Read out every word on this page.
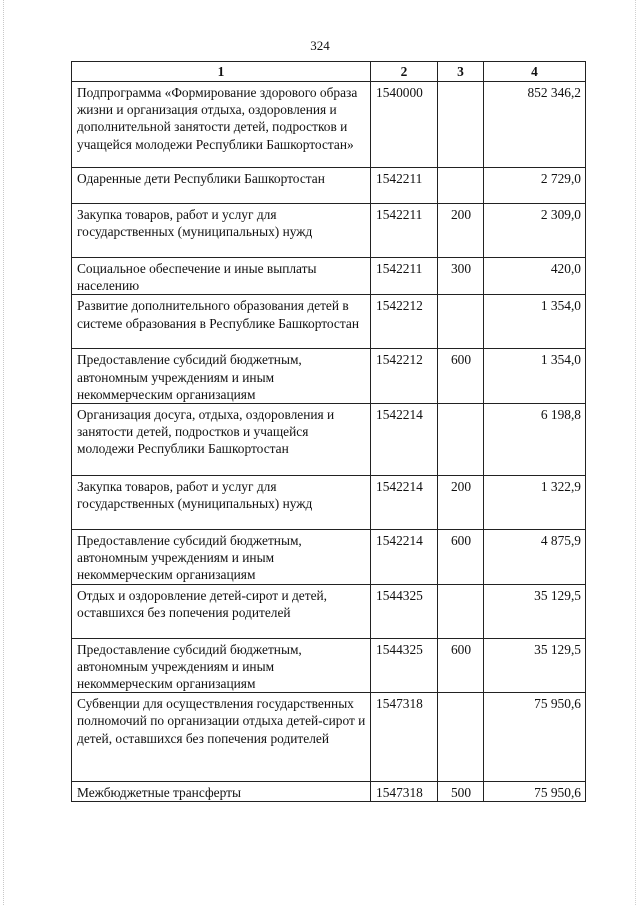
324
1	2	3	4
Подпрограмма «Формирование здорового образа жизни и организация отдыха, оздоровления и дополнительной занятости детей, подростков и учащейся молодежи Республики Башкортостан»	1540000		852 346,2
Одаренные дети Республики Башкортостан	1542211		2 729,0
Закупка товаров, работ и услуг для государственных (муниципальных) нужд	1542211	200	2 309,0
Социальное обеспечение и иные выплаты населению	1542211	300	420,0
Развитие дополнительного образования детей в системе образования в Республике Башкортостан	1542212		1 354,0
Предоставление субсидий бюджетным, автономным учреждениям и иным некоммерческим организациям	1542212	600	1 354,0
Организация досуга, отдыха, оздоровления и занятости детей, подростков и учащейся молодежи Республики Башкортостан	1542214		6 198,8
Закупка товаров, работ и услуг для государственных (муниципальных) нужд	1542214	200	1 322,9
Предоставление субсидий бюджетным, автономным учреждениям и иным некоммерческим организациям	1542214	600	4 875,9
Отдых и оздоровление детей-сирот и детей, оставшихся без попечения родителей	1544325		35 129,5
Предоставление субсидий бюджетным, автономным учреждениям и иным некоммерческим организациям	1544325	600	35 129,5
Субвенции для осуществления государственных полномочий по организации отдыха детей-сирот и детей, оставшихся без попечения родителей	1547318		75 950,6
Межбюджетные трансферты	1547318	500	75 950,6
